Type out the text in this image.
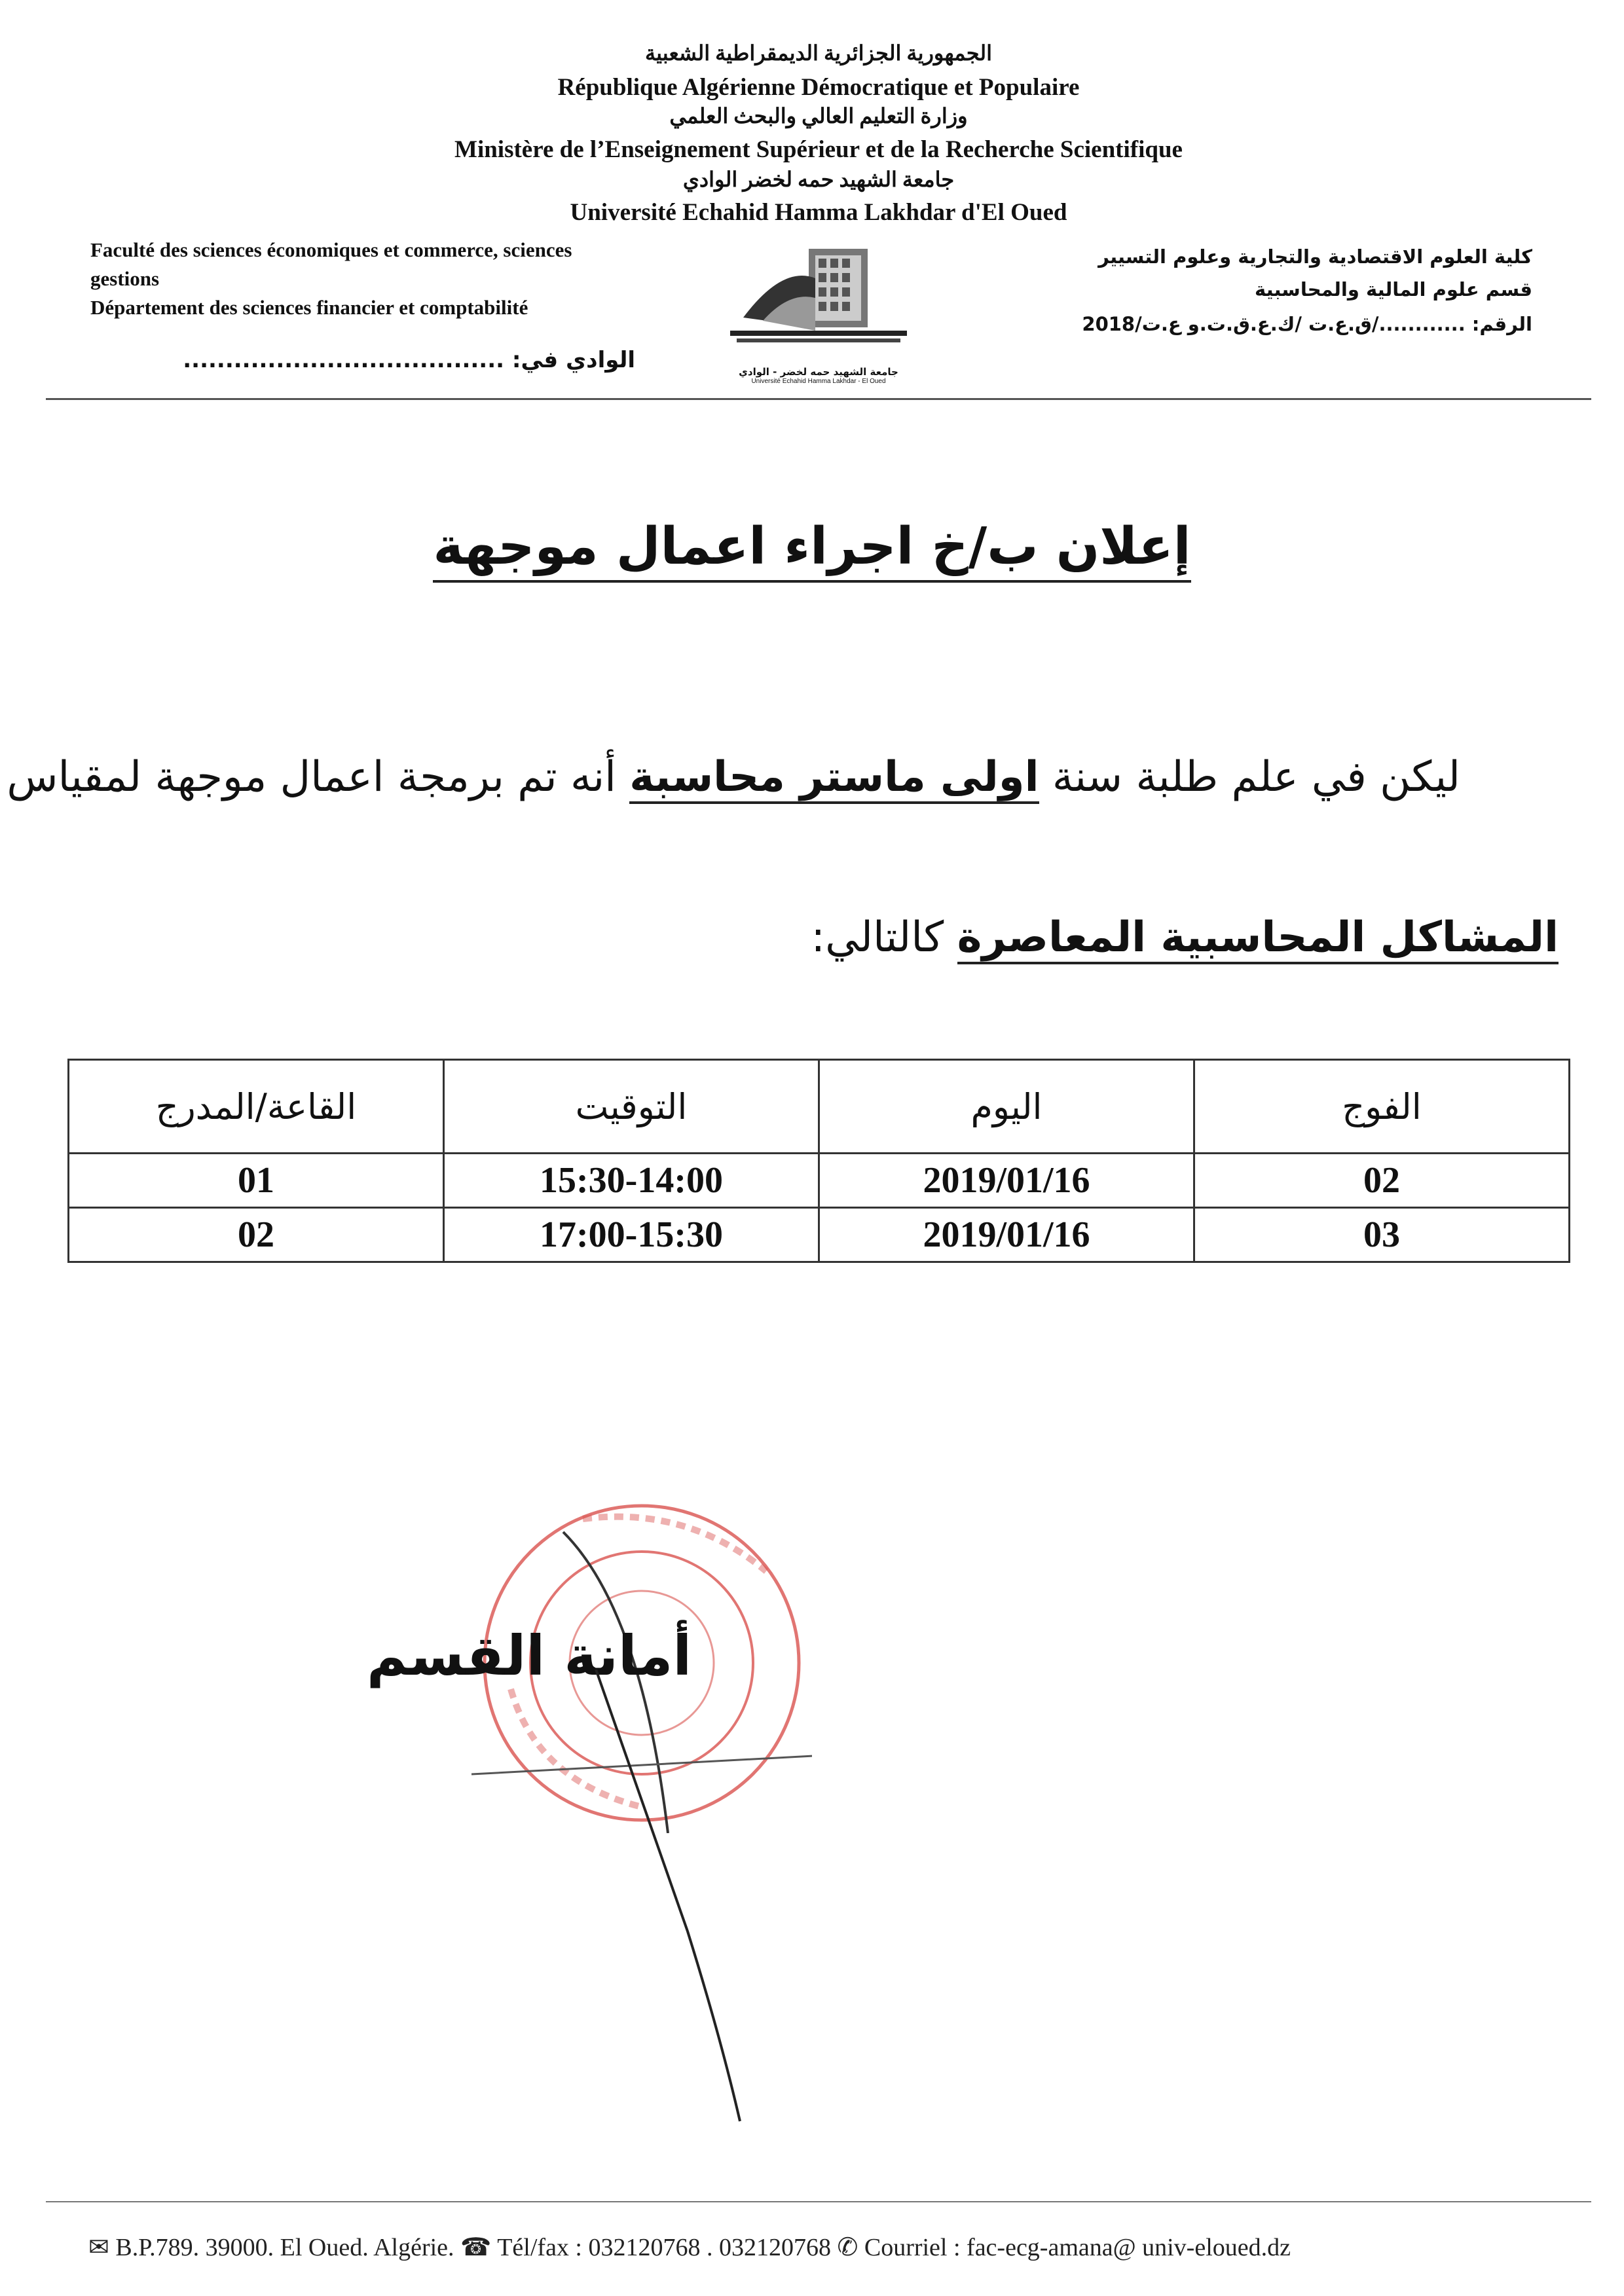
الجمهورية الجزائرية الديمقراطية الشعبية
République Algérienne Démocratique et Populaire
وزارة التعليم العالي والبحث العلمي
Ministère de l’Enseignement Supérieur et de la Recherche Scientifique
جامعة الشهيد حمه لخضر الوادي
Université Echahid Hamma Lakhdar d'El Oued
Faculté des sciences économiques et commerce, sciences
gestions
Département des sciences financier et comptabilité
الوادي في: ......................................
كلية العلوم الاقتصادية والتجارية وعلوم التسيير
قسم علوم المالية والمحاسبية
الرقم: ............/ق.ع.ت /ك.ع.ق.ت.و ع.ت/2018
جامعة الشهيد حمه لخضر - الوادي
Université Echahid Hamma Lakhdar - El Oued
إعلان ب/خ اجراء اعمال موجهة
ليكن في علم طلبة سنة اولى ماستر محاسبة أنه تم برمجة اعمال موجهة لمقياس
المشاكل المحاسبية المعاصرة كالتالي:
الفوج	اليوم	التوقيت	القاعة/المدرج
02	2019/01/16	15:30-14:00	01
03	2019/01/16	17:00-15:30	02
أمانة القسم
✉ B.P.789. 39000. El Oued. Algérie. ☎ Tél/fax : 032120768 . 032120768 ✆ Courriel : fac-ecg-amana@ univ-eloued.dz
